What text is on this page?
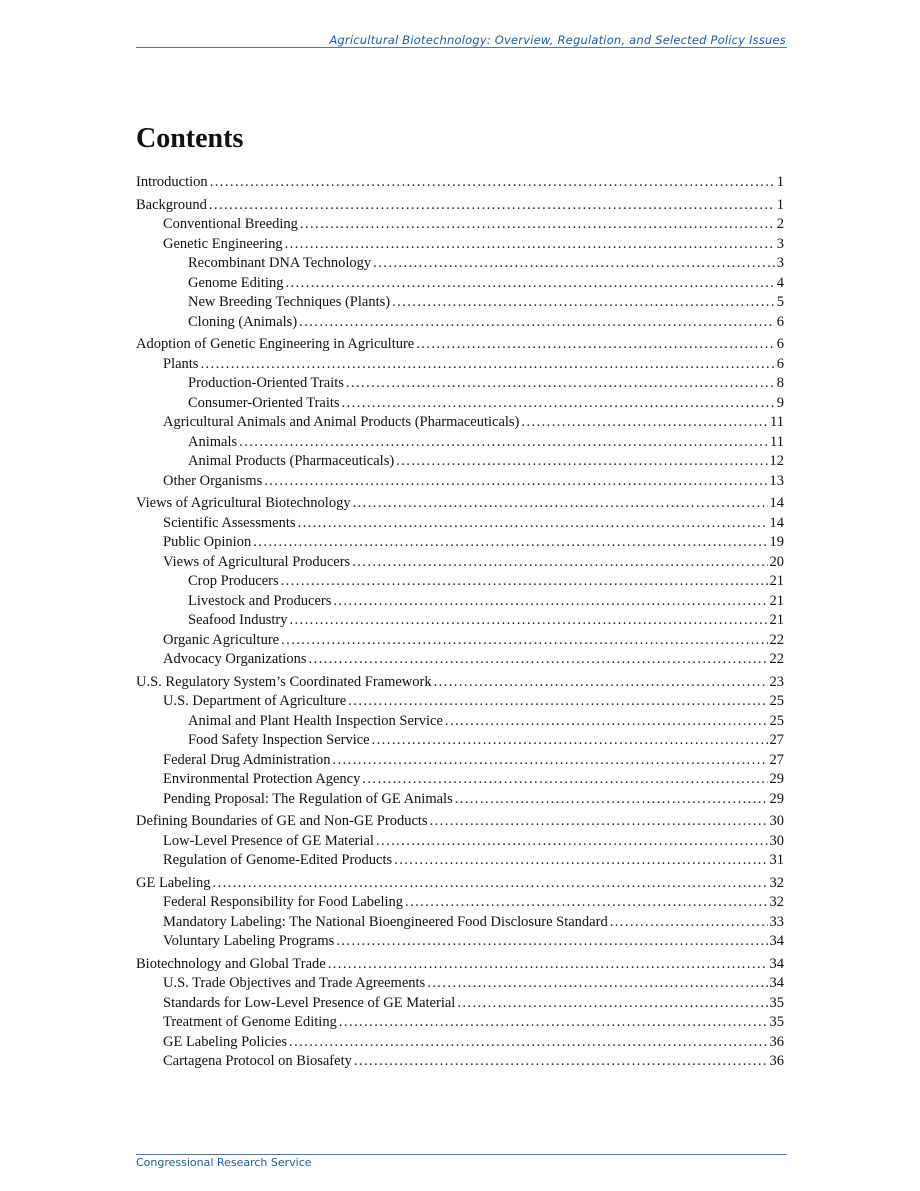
Agricultural Biotechnology: Overview, Regulation, and Selected Policy Issues
Contents
Introduction . . .	1
Background . . .	1
Conventional Breeding . . .	2
Genetic Engineering . . .	3
Recombinant DNA Technology . . .	3
Genome Editing . . .	4
New Breeding Techniques (Plants) . . .	5
Cloning (Animals) . . .	6
Adoption of Genetic Engineering in Agriculture . . .	6
Plants . . .	6
Production-Oriented Traits . . .	8
Consumer-Oriented Traits . . .	9
Agricultural Animals and Animal Products (Pharmaceuticals) . . .	11
Animals . . .	11
Animal Products (Pharmaceuticals) . . .	12
Other Organisms . . .	13
Views of Agricultural Biotechnology . . .	14
Scientific Assessments . . .	14
Public Opinion . . .	19
Views of Agricultural Producers . . .	20
Crop Producers . . .	21
Livestock and Producers . . .	21
Seafood Industry . . .	21
Organic Agriculture . . .	22
Advocacy Organizations . . .	22
U.S. Regulatory System’s Coordinated Framework . . .	23
U.S. Department of Agriculture . . .	25
Animal and Plant Health Inspection Service . . .	25
Food Safety Inspection Service . . .	27
Federal Drug Administration . . .	27
Environmental Protection Agency . . .	29
Pending Proposal: The Regulation of GE Animals . . .	29
Defining Boundaries of GE and Non-GE Products . . .	30
Low-Level Presence of GE Material . . .	30
Regulation of Genome-Edited Products . . .	31
GE Labeling . . .	32
Federal Responsibility for Food Labeling . . .	32
Mandatory Labeling: The National Bioengineered Food Disclosure Standard . . .	33
Voluntary Labeling Programs . . .	34
Biotechnology and Global Trade . . .	34
U.S. Trade Objectives and Trade Agreements . . .	34
Standards for Low-Level Presence of GE Material . . .	35
Treatment of Genome Editing . . .	35
GE Labeling Policies . . .	36
Cartagena Protocol on Biosafety . . .	36
Congressional Research Service
